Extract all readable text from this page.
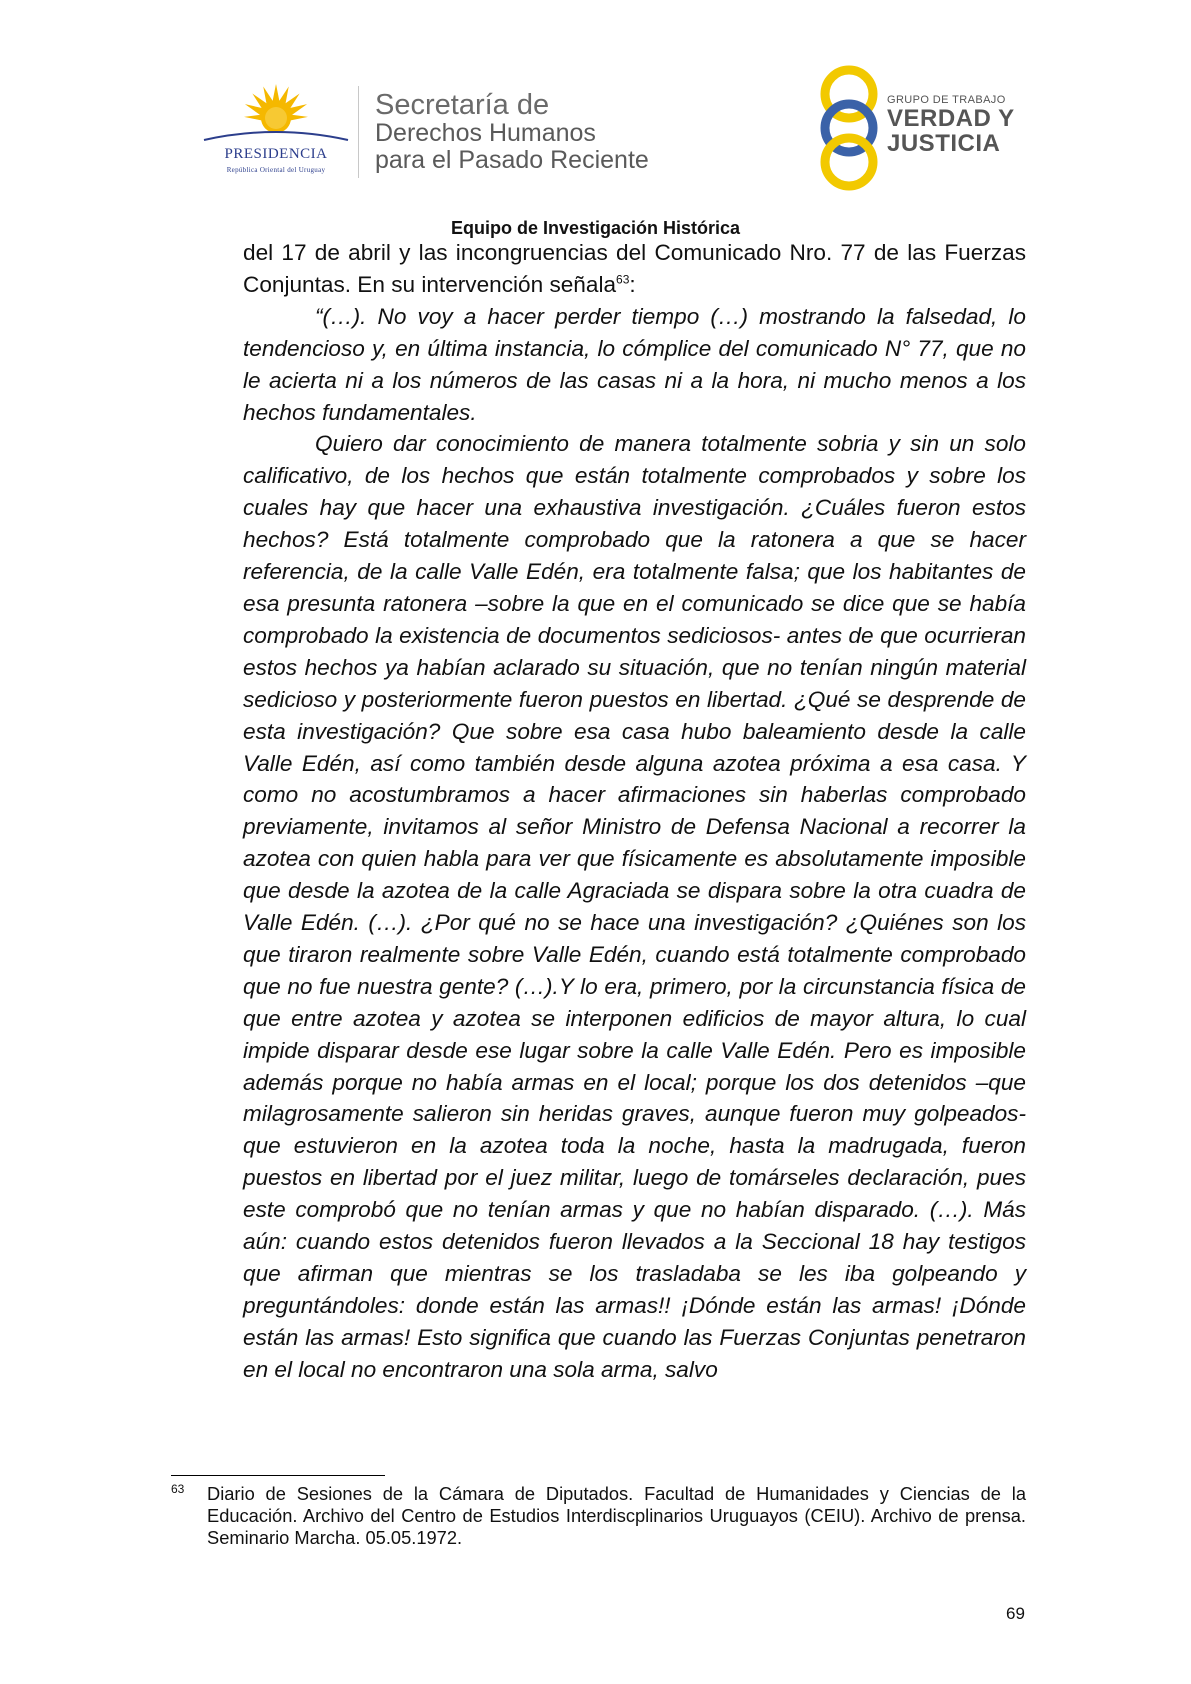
PRESIDENCIA
República Oriental del Uruguay
Secretaría de
Derechos Humanos
para el Pasado Reciente
GRUPO DE TRABAJO
VERDAD Y
JUSTICIA
Equipo de Investigación Histórica

del 17 de abril y las incongruencias del Comunicado Nro. 77 de las Fuerzas Conjuntas. En su intervención señala$^{63}$:

“(…). No voy a hacer perder tiempo (…) mostrando la falsedad, lo tendencioso y, en última instancia, lo cómplice del comunicado N° 77, que no le acierta ni a los números de las casas ni a la hora, ni mucho menos a los hechos fundamentales.

Quiero dar conocimiento de manera totalmente sobria y sin un solo calificativo, de los hechos que están totalmente comprobados y sobre los cuales hay que hacer una exhaustiva investigación. ¿Cuáles fueron estos hechos? Está totalmente comprobado que la ratonera a que se hacer referencia, de la calle Valle Edén, era totalmente falsa; que los habitantes de esa presunta ratonera –sobre la que en el comunicado se dice que se había comprobado la existencia de documentos sediciosos- antes de que ocurrieran estos hechos ya habían aclarado su situación, que no tenían ningún material sedicioso y posteriormente fueron puestos en libertad. ¿Qué se desprende de esta investigación? Que sobre esa casa hubo baleamiento desde la calle Valle Edén, así como también desde alguna azotea próxima a esa casa. Y como no acostumbramos a hacer afirmaciones sin haberlas comprobado previamente, invitamos al señor Ministro de Defensa Nacional a recorrer la azotea con quien habla para ver que físicamente es absolutamente imposible que desde la azotea de la calle Agraciada se dispara sobre la otra cuadra de Valle Edén. (…). ¿Por qué no se hace una investigación? ¿Quiénes son los que tiraron realmente sobre Valle Edén, cuando está totalmente comprobado que no fue nuestra gente? (…).Y lo era, primero, por la circunstancia física de que entre azotea y azotea se interponen edificios de mayor altura, lo cual impide disparar desde ese lugar sobre la calle Valle Edén. Pero es imposible además porque no había armas en el local; porque los dos detenidos –que milagrosamente salieron sin heridas graves, aunque fueron muy golpeados- que estuvieron en la azotea toda la noche, hasta la madrugada, fueron puestos en libertad por el juez militar, luego de tomárseles declaración, pues este comprobó que no tenían armas y que no habían disparado. (…). Más aún: cuando estos detenidos fueron llevados a la Seccional 18 hay testigos que afirman que mientras se los trasladaba se les iba golpeando y preguntándoles: donde están las armas!! ¡Dónde están las armas! ¡Dónde están las armas! Esto significa que cuando las Fuerzas Conjuntas penetraron en el local no encontraron una sola arma, salvo

63 Diario de Sesiones de la Cámara de Diputados. Facultad de Humanidades y Ciencias de la Educación. Archivo del Centro de Estudios Interdiscplinarios Uruguayos (CEIU). Archivo de prensa. Seminario Marcha. 05.05.1972.
69
